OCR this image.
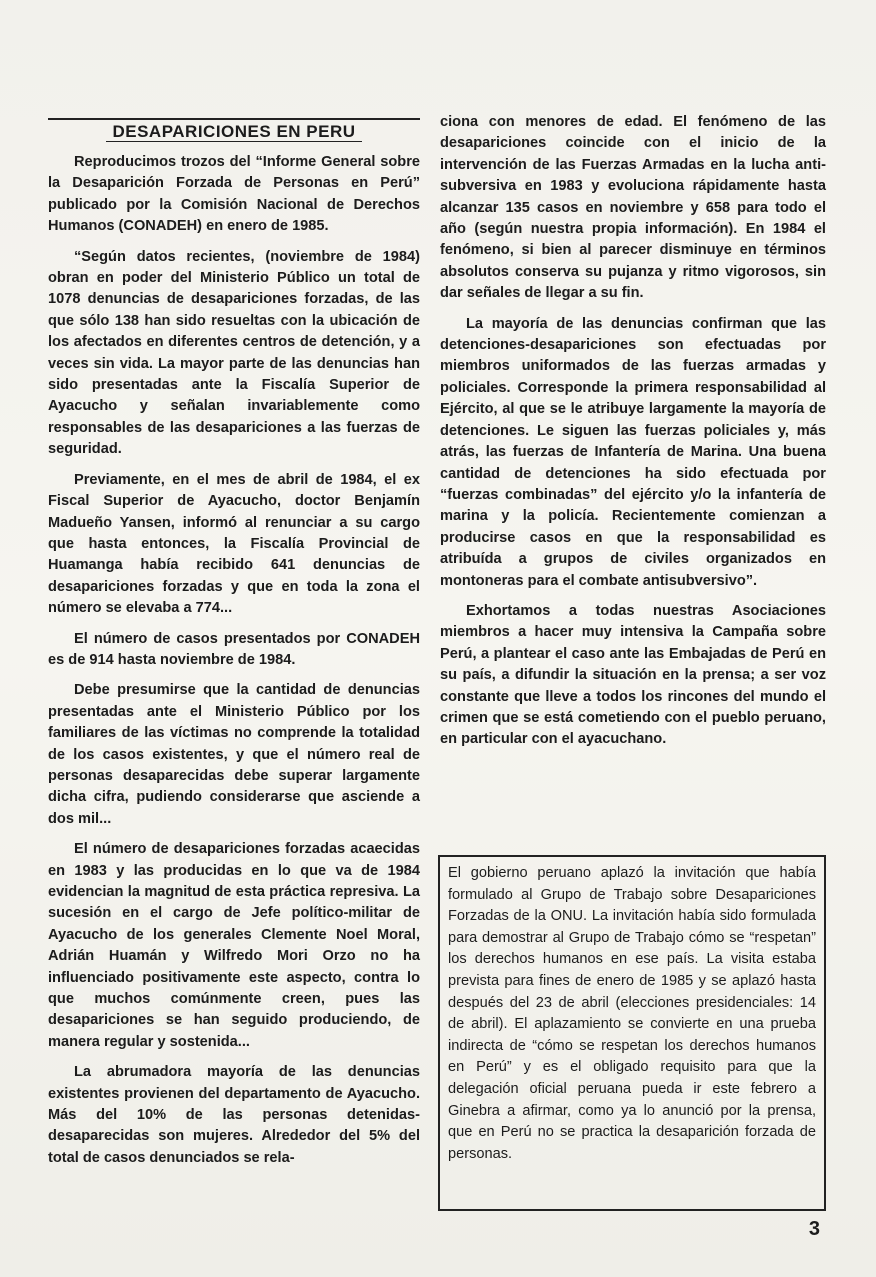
DESAPARICIONES EN PERU

Reproducimos trozos del “Informe General sobre la Desaparición Forzada de Personas en Perú” publicado por la Comisión Nacional de Derechos Humanos (CONADEH) en enero de 1985.

“Según datos recientes, (noviembre de 1984) obran en poder del Ministerio Público un total de 1078 denuncias de desapariciones forzadas, de las que sólo 138 han sido resueltas con la ubicación de los afectados en diferentes centros de detención, y a veces sin vida. La mayor parte de las denuncias han sido presentadas ante la Fiscalía Superior de Ayacucho y señalan invariablemente como responsables de las desapariciones a las fuerzas de seguridad.

Previamente, en el mes de abril de 1984, el ex Fiscal Superior de Ayacucho, doctor Benjamín Madueño Yansen, informó al renunciar a su cargo que hasta entonces, la Fiscalía Provincial de Huamanga había recibido 641 denuncias de desapariciones forzadas y que en toda la zona el número se elevaba a 774...

El número de casos presentados por CONADEH es de 914 hasta noviembre de 1984.

Debe presumirse que la cantidad de denuncias presentadas ante el Ministerio Público por los familiares de las víctimas no comprende la totalidad de los casos existentes, y que el número real de personas desaparecidas debe superar largamente dicha cifra, pudiendo considerarse que asciende a dos mil...

El número de desapariciones forzadas acaecidas en 1983 y las producidas en lo que va de 1984 evidencian la magnitud de esta práctica represiva. La sucesión en el cargo de Jefe político-militar de Ayacucho de los generales Clemente Noel Moral, Adrián Huamán y Wilfredo Mori Orzo no ha influenciado positivamente este aspecto, contra lo que muchos comúnmente creen, pues las desapariciones se han seguido produciendo, de manera regular y sostenida...

La abrumadora mayoría de las denuncias existentes provienen del departamento de Ayacucho. Más del 10% de las personas detenidas-desaparecidas son mujeres. Alrededor del 5% del total de casos denunciados se rela-

ciona con menores de edad. El fenómeno de las desapariciones coincide con el inicio de la intervención de las Fuerzas Armadas en la lucha anti-subversiva en 1983 y evoluciona rápidamente hasta alcanzar 135 casos en noviembre y 658 para todo el año (según nuestra propia información). En 1984 el fenómeno, si bien al parecer disminuye en términos absolutos conserva su pujanza y ritmo vigorosos, sin dar señales de llegar a su fin.

La mayoría de las denuncias confirman que las detenciones-desapariciones son efectuadas por miembros uniformados de las fuerzas armadas y policiales. Corresponde la primera responsabilidad al Ejército, al que se le atribuye largamente la mayoría de detenciones. Le siguen las fuerzas policiales y, más atrás, las fuerzas de Infantería de Marina. Una buena cantidad de detenciones ha sido efectuada por “fuerzas combinadas” del ejército y/o la infantería de marina y la policía. Recientemente comienzan a producirse casos en que la responsabilidad es atribuída a grupos de civiles organizados en montoneras para el combate antisubversivo”.

Exhortamos a todas nuestras Asociaciones miembros a hacer muy intensiva la Campaña sobre Perú, a plantear el caso ante las Embajadas de Perú en su país, a difundir la situación en la prensa; a ser voz constante que lleve a todos los rincones del mundo el crimen que se está cometiendo con el pueblo peruano, en particular con el ayacuchano.

El gobierno peruano aplazó la invitación que había formulado al Grupo de Trabajo sobre Desapariciones Forzadas de la ONU. La invitación había sido formulada para demostrar al Grupo de Trabajo cómo se “respetan” los derechos humanos en ese país. La visita estaba prevista para fines de enero de 1985 y se aplazó hasta después del 23 de abril (elecciones presidenciales: 14 de abril). El aplazamiento se convierte en una prueba indirecta de “cómo se respetan los derechos humanos en Perú” y es el obligado requisito para que la delegación oficial peruana pueda ir este febrero a Ginebra a afirmar, como ya lo anunció por la prensa, que en Perú no se practica la desaparición forzada de personas.

3
